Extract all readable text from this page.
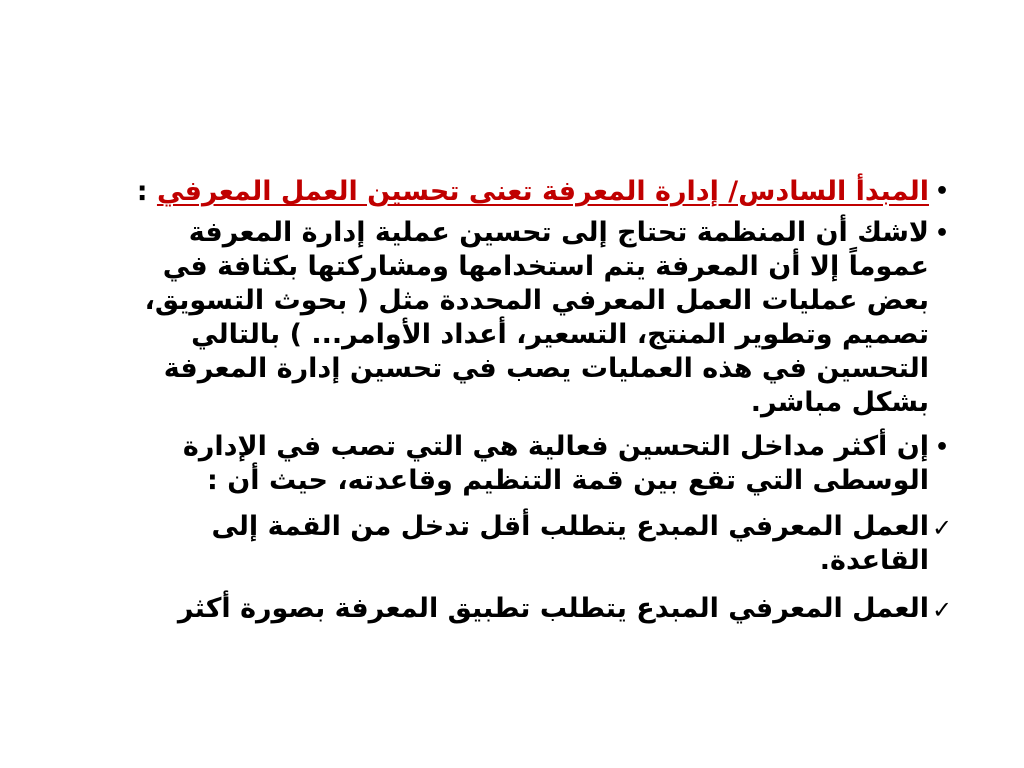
•
المبدأ السادس/ إدارة المعرفة تعنى تحسين العمل المعرفي :
•
لاشك أن المنظمة تحتاج إلى تحسين عملية إدارة المعرفة عموماً إلا أن المعرفة يتم استخدامها ومشاركتها بكثافة في بعض عمليات العمل المعرفي المحددة مثل ( بحوث التسويق، تصميم وتطوير المنتج، التسعير، أعداد الأوامر... ) بالتالي التحسين في هذه العمليات يصب في تحسين إدارة المعرفة بشكل مباشر.
•
إن أكثر مداخل التحسين فعالية هي التي تصب في الإدارة الوسطى التي تقع بين قمة التنظيم وقاعدته، حيث أن :
✓
العمل المعرفي المبدع يتطلب أقل تدخل من القمة إلى القاعدة.
✓
العمل المعرفي المبدع يتطلب تطبيق المعرفة بصورة أكثر
